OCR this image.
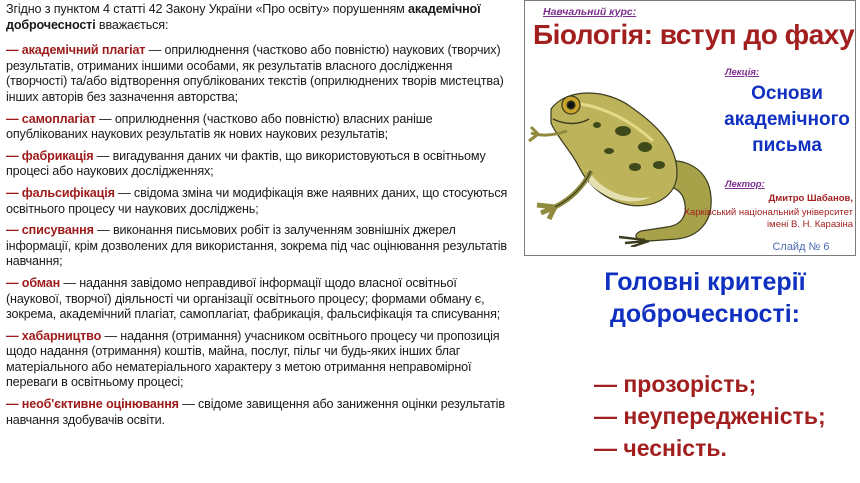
Згідно з пунктом 4 статті 42 Закону України «Про освіту» порушенням академічної доброчесності вважається:

— академічний плагіат — оприлюднення (частково або повністю) наукових (творчих) результатів, отриманих іншими особами, як результатів власного дослідження (творчості) та/або відтворення опублікованих текстів (оприлюднених творів мистецтва) інших авторів без зазначення авторства;

— самоплагіат — оприлюднення (частково або повністю) власних раніше опублікованих наукових результатів як нових наукових результатів;

— фабрикація — вигадування даних чи фактів, що використовуються в освітньому процесі або наукових дослідженнях;

— фальсифікація — свідома зміна чи модифікація вже наявних даних, що стосуються освітнього процесу чи наукових досліджень;

— списування — виконання письмових робіт із залученням зовнішніх джерел інформації, крім дозволених для використання, зокрема під час оцінювання результатів навчання;

— обман — надання завідомо неправдивої інформації щодо власної освітньої (наукової, творчої) діяльності чи організації освітнього процесу; формами обману є, зокрема, академічний плагіат, самоплагіат, фабрикація, фальсифікація та списування;

— хабарництво — надання (отримання) учасником освітнього процесу чи пропозиція щодо надання (отримання) коштів, майна, послуг, пільг чи будь-яких інших благ матеріального або нематеріального характеру з метою отримання неправомірної переваги в освітньому процесі;

— необ'єктивне оцінювання — свідоме завищення або заниження оцінки результатів навчання здобувачів освіти.

Навчальний курс:
Біологія: вступ до фаху
Лекція:
Основи академічного письма
Лектор:
Дмитро Шабанов,
Харківський національний університет імені В. Н. Каразіна
Слайд № 6
Головні критерії доброчесності:
— прозорість;
— неупередженість;
— чесність.
